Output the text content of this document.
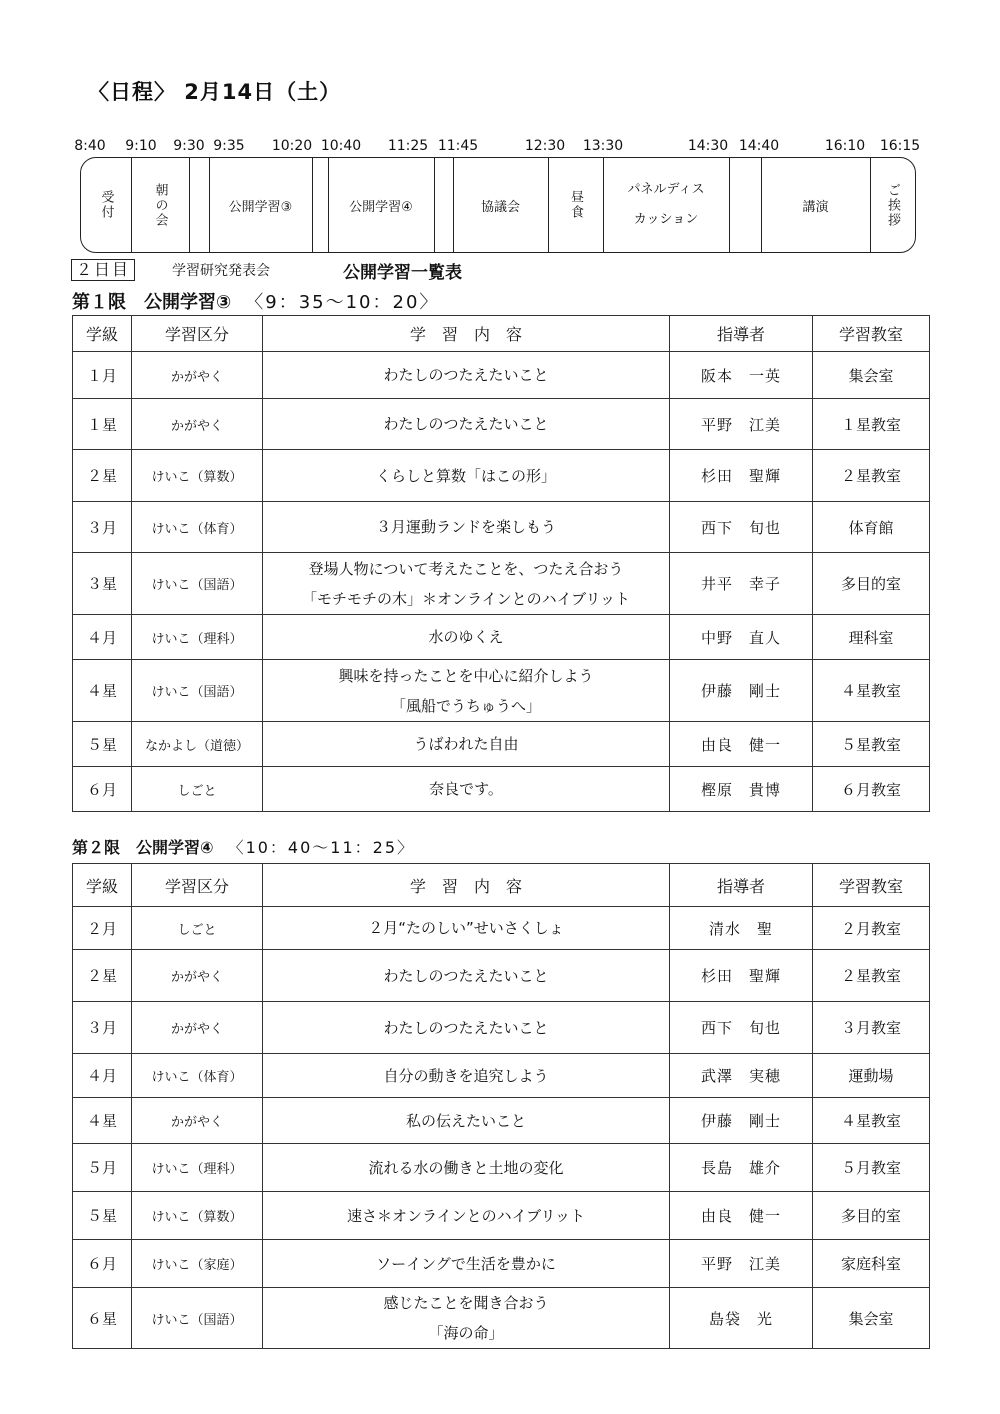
〈日程〉 2月14日（土）
8:40 9:10 9:30 9:35 10:20 10:40 11:25 11:45	12:30 13:30	14:30 14:40	16:10 16:15
受付	朝の会	公開学習③	公開学習④	協議会	昼食
パネルディス
カッション
講演	ご挨拶
２日目	学習研究発表会	公開学習一覧表
第１限　公開学習③ 〈9：35～10：20〉
学級	学習区分	学　習　内　容	指導者	学習教室
１月	かがやく	わたしのつたえたいこと	阪本　一英	集会室
１星	かがやく	わたしのつたえたいこと	平野　江美	１星教室
２星	けいこ（算数）	くらしと算数「はこの形」	杉田　聖輝	２星教室
３月	けいこ（体育）	３月運動ランドを楽しもう	西下　旬也	体育館
３星	けいこ（国語）	登場人物について考えたことを、つたえ合おう
「モチモチの木」＊オンラインとのハイブリット	井平　幸子	多目的室
４月	けいこ（理科）	水のゆくえ	中野　直人	理科室
４星	けいこ（国語）	興味を持ったことを中心に紹介しよう
「風船でうちゅうへ」	伊藤　剛士	４星教室
５星	なかよし（道徳）	うばわれた自由	由良　健一	５星教室
６月	しごと	奈良です。	樫原　貴博	６月教室
第２限　公開学習④ 〈10：40～11：25〉
学級	学習区分	学　習　内　容	指導者	学習教室
２月	しごと	２月“たのしい”せいさくしょ	清水　聖	２月教室
２星	かがやく	わたしのつたえたいこと	杉田　聖輝	２星教室
３月	かがやく	わたしのつたえたいこと	西下　旬也	３月教室
４月	けいこ（体育）	自分の動きを追究しよう	武澤　実穂	運動場
４星	かがやく	私の伝えたいこと	伊藤　剛士	４星教室
５月	けいこ（理科）	流れる水の働きと土地の変化	長島　雄介	５月教室
５星	けいこ（算数）	速さ＊オンラインとのハイブリット	由良　健一	多目的室
６月	けいこ（家庭）	ソーイングで生活を豊かに	平野　江美	家庭科室
６星	けいこ（国語）	感じたことを聞き合おう
「海の命」	島袋　光	集会室
